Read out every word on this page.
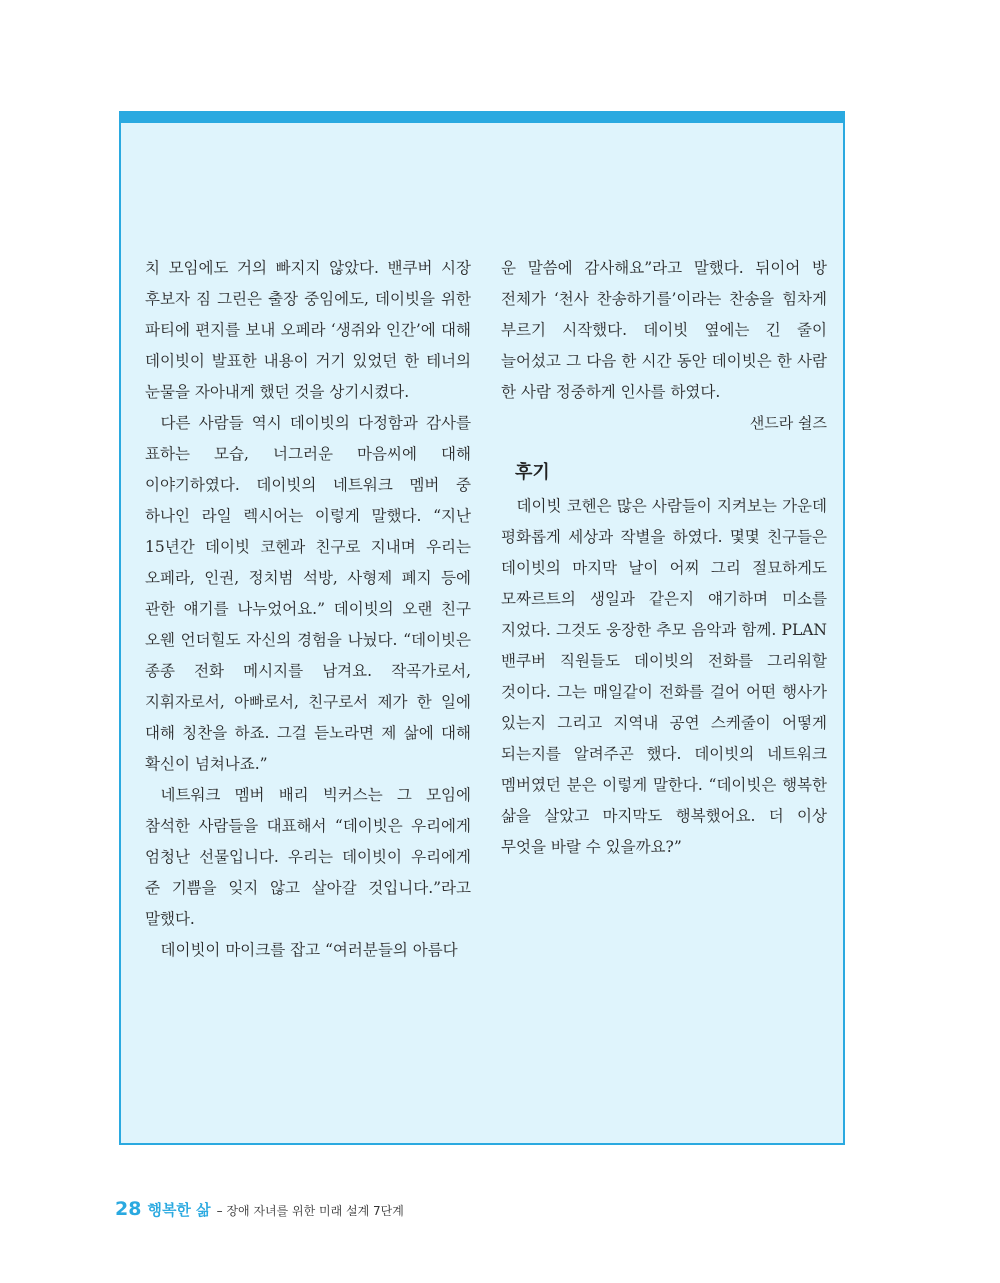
치 모임에도 거의 빠지지 않았다. 밴쿠버 시장 후보자 짐 그린은 출장 중임에도, 데이빗을 위한 파티에 편지를 보내 오페라 ‘생쥐와 인간’에 대해 데이빗이 발표한 내용이 거기 있었던 한 테너의 눈물을 자아내게 했던 것을 상기시켰다.

다른 사람들 역시 데이빗의 다정함과 감사를 표하는 모습, 너그러운 마음씨에 대해 이야기하였다. 데이빗의 네트워크 멤버 중 하나인 라일 렉시어는 이렇게 말했다. “지난 15년간 데이빗 코헨과 친구로 지내며 우리는 오페라, 인권, 정치범 석방, 사형제 폐지 등에 관한 얘기를 나누었어요.” 데이빗의 오랜 친구 오웬 언더힐도 자신의 경험을 나눴다. “데이빗은 종종 전화 메시지를 남겨요. 작곡가로서, 지휘자로서, 아빠로서, 친구로서 제가 한 일에 대해 칭찬을 하죠. 그걸 듣노라면 제 삶에 대해 확신이 넘쳐나죠.”

네트워크 멤버 배리 빅커스는 그 모임에 참석한 사람들을 대표해서 “데이빗은 우리에게 엄청난 선물입니다. 우리는 데이빗이 우리에게 준 기쁨을 잊지 않고 살아갈 것입니다.”라고 말했다.

데이빗이 마이크를 잡고 “여러분들의 아름다

운 말씀에 감사해요”라고 말했다. 뒤이어 방 전체가 ‘천사 찬송하기를’이라는 찬송을 힘차게 부르기 시작했다. 데이빗 옆에는 긴 줄이 늘어섰고 그 다음 한 시간 동안 데이빗은 한 사람 한 사람 정중하게 인사를 하였다.

샌드라 쉴즈

후기

데이빗 코헨은 많은 사람들이 지켜보는 가운데 평화롭게 세상과 작별을 하였다. 몇몇 친구들은 데이빗의 마지막 날이 어찌 그리 절묘하게도 모짜르트의 생일과 같은지 얘기하며 미소를 지었다. 그것도 웅장한 추모 음악과 함께. PLAN 밴쿠버 직원들도 데이빗의 전화를 그리워할 것이다. 그는 매일같이 전화를 걸어 어떤 행사가 있는지 그리고 지역내 공연 스케줄이 어떻게 되는지를 알려주곤 했다. 데이빗의 네트워크 멤버였던 분은 이렇게 말한다. “데이빗은 행복한 삶을 살았고 마지막도 행복했어요. 더 이상 무엇을 바랄 수 있을까요?”

28 행복한 삶 – 장애 자녀를 위한 미래 설계 7단계
